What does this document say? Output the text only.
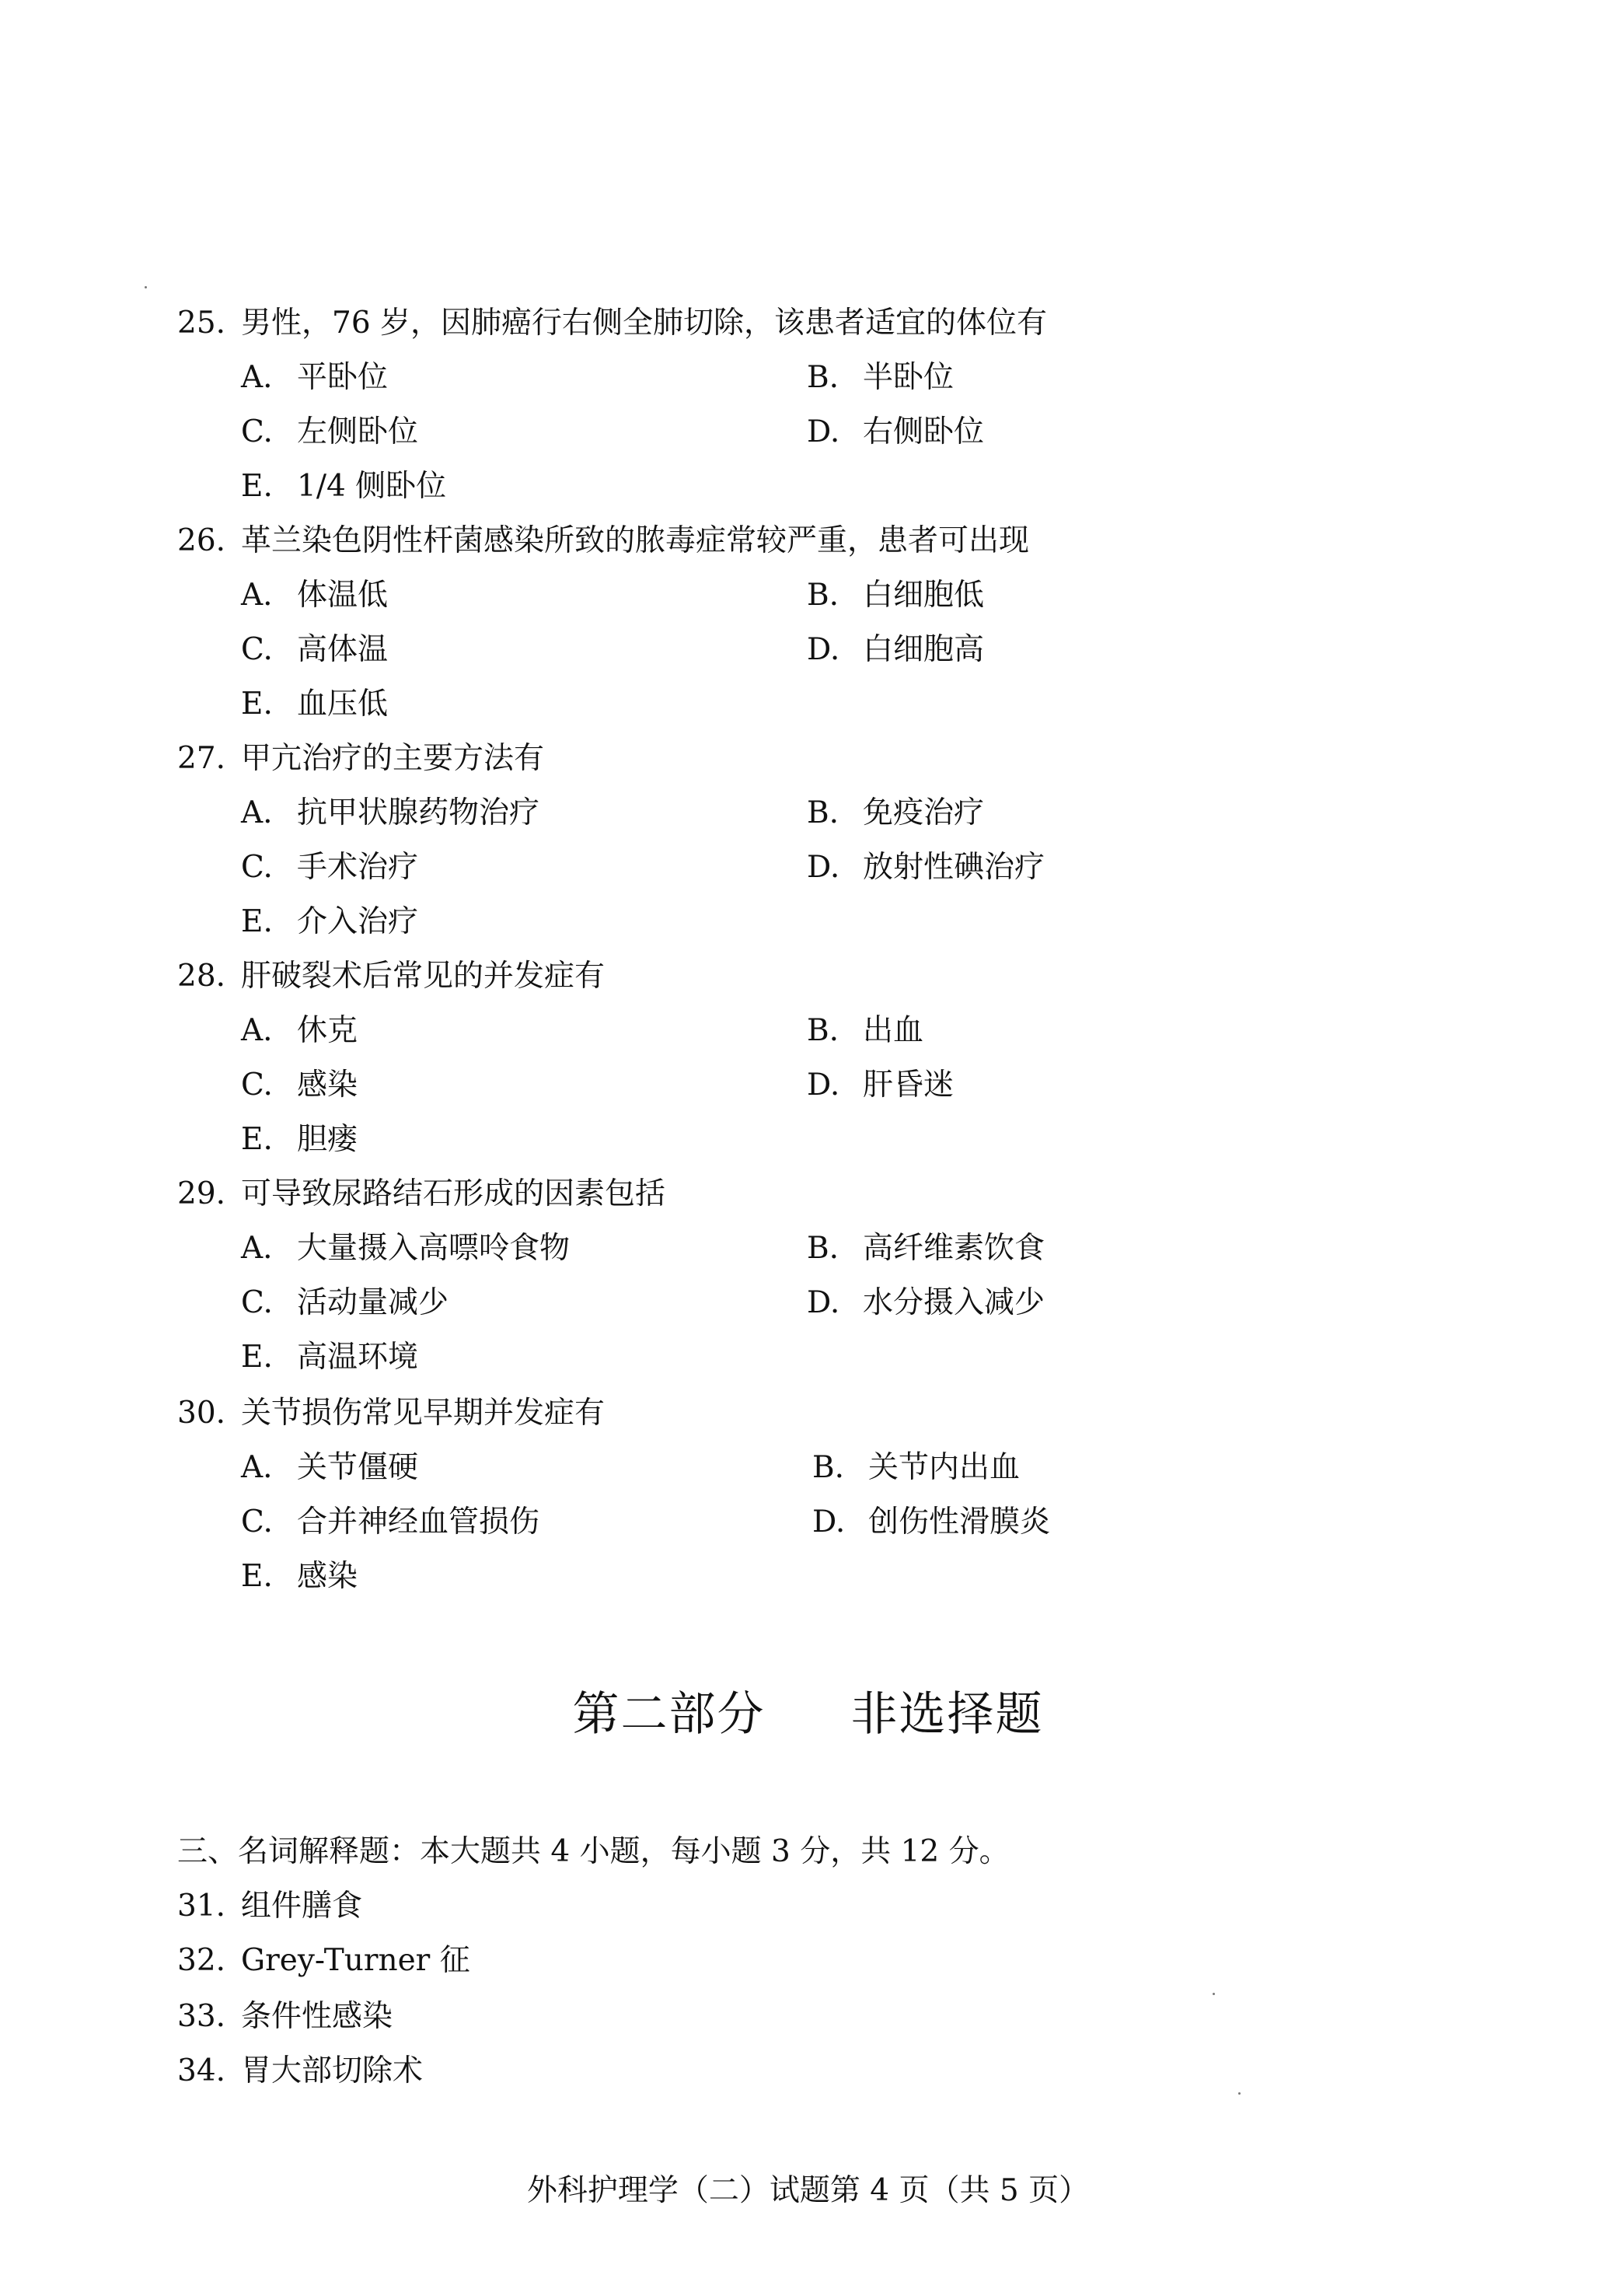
25. 男性，76 岁，因肺癌行右侧全肺切除，该患者适宜的体位有
A. 平卧位	B. 半卧位
C. 左侧卧位	D. 右侧卧位
E. 1/4 侧卧位
26. 革兰染色阴性杆菌感染所致的脓毒症常较严重，患者可出现
A. 体温低	B. 白细胞低
C. 高体温	D. 白细胞高
E. 血压低
27. 甲亢治疗的主要方法有
A. 抗甲状腺药物治疗	B. 免疫治疗
C. 手术治疗	D. 放射性碘治疗
E. 介入治疗
28. 肝破裂术后常见的并发症有
A. 休克	B. 出血
C. 感染	D. 肝昏迷
E. 胆瘘
29. 可导致尿路结石形成的因素包括
A. 大量摄入高嘌呤食物	B. 高纤维素饮食
C. 活动量减少	D. 水分摄入减少
E. 高温环境
30. 关节损伤常见早期并发症有
A. 关节僵硬	B. 关节内出血
C. 合并神经血管损伤	D. 创伤性滑膜炎
E. 感染
第二部分 非选择题
三、名词解释题：本大题共 4 小题，每小题 3 分，共 12 分。
31. 组件膳食
32. Grey-Turner 征
33. 条件性感染
34. 胃大部切除术
外科护理学（二）试题第 4 页（共 5 页）
